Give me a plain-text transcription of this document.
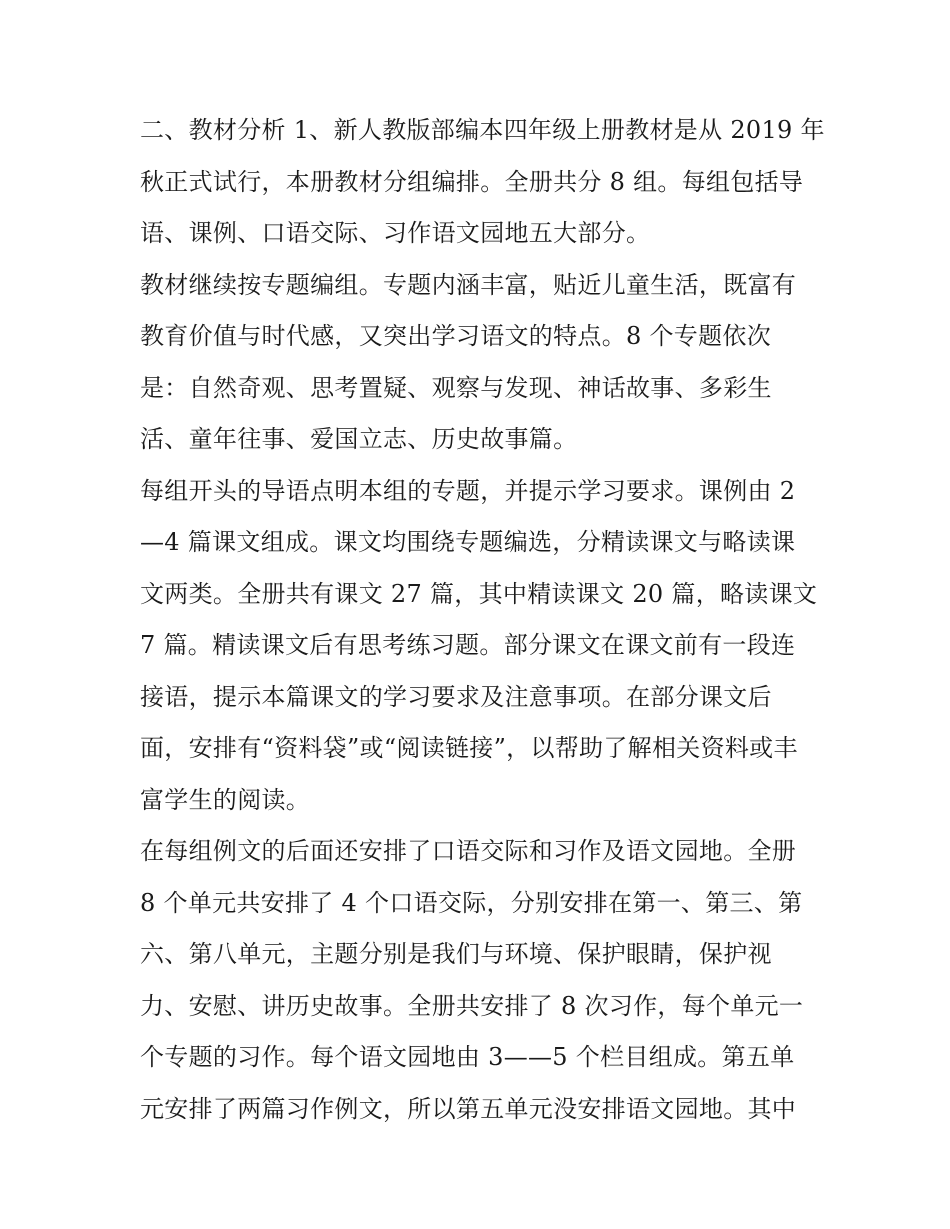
二、教材分析 1、新人教版部编本四年级上册教材是从 2019 年
秋正式试行，本册教材分组编排。全册共分 8 组。每组包括导
语、课例、口语交际、习作语文园地五大部分。
教材继续按专题编组。专题内涵丰富，贴近儿童生活，既富有
教育价值与时代感，又突出学习语文的特点。8 个专题依次
是：自然奇观、思考置疑、观察与发现、神话故事、多彩生
活、童年往事、爱国立志、历史故事篇。
每组开头的导语点明本组的专题，并提示学习要求。课例由 2
—4 篇课文组成。课文均围绕专题编选，分精读课文与略读课
文两类。全册共有课文 27 篇，其中精读课文 20 篇，略读课文
7 篇。精读课文后有思考练习题。部分课文在课文前有一段连
接语，提示本篇课文的学习要求及注意事项。在部分课文后
面，安排有“资料袋”或“阅读链接”，以帮助了解相关资料或丰
富学生的阅读。
在每组例文的后面还安排了口语交际和习作及语文园地。全册
8 个单元共安排了 4 个口语交际，分别安排在第一、第三、第
六、第八单元，主题分别是我们与环境、保护眼睛，保护视
力、安慰、讲历史故事。全册共安排了 8 次习作，每个单元一
个专题的习作。每个语文园地由 3——5 个栏目组成。第五单
元安排了两篇习作例文，所以第五单元没安排语文园地。其中
